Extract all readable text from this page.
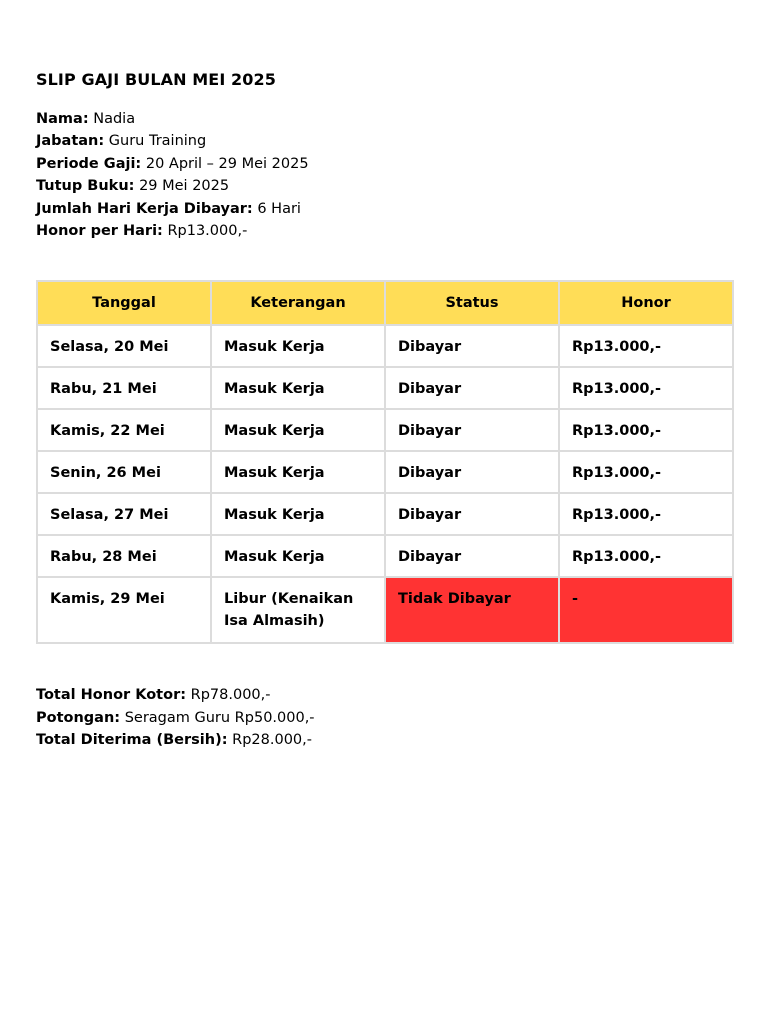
SLIP GAJI BULAN MEI 2025
Nama: Nadia
Jabatan: Guru Training
Periode Gaji: 20 April – 29 Mei 2025
Tutup Buku: 29 Mei 2025
Jumlah Hari Kerja Dibayar: 6 Hari
Honor per Hari: Rp13.000,-
Tanggal	Keterangan	Status	Honor
Selasa, 20 Mei	Masuk Kerja	Dibayar	Rp13.000,-
Rabu, 21 Mei	Masuk Kerja	Dibayar	Rp13.000,-
Kamis, 22 Mei	Masuk Kerja	Dibayar	Rp13.000,-
Senin, 26 Mei	Masuk Kerja	Dibayar	Rp13.000,-
Selasa, 27 Mei	Masuk Kerja	Dibayar	Rp13.000,-
Rabu, 28 Mei	Masuk Kerja	Dibayar	Rp13.000,-
Kamis, 29 Mei	Libur (Kenaikan Isa Almasih)	Tidak Dibayar	-
Total Honor Kotor: Rp78.000,-
Potongan: Seragam Guru Rp50.000,-
Total Diterima (Bersih): Rp28.000,-
